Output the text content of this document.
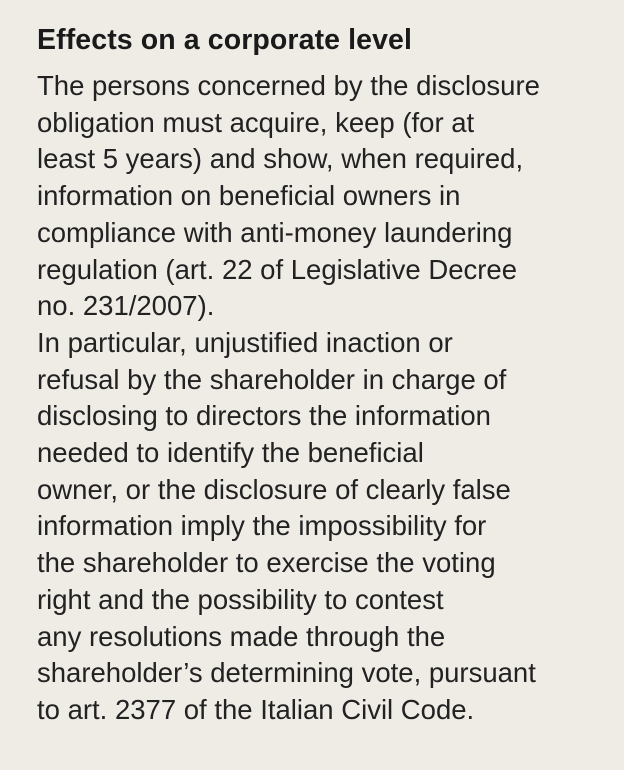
Effects on a corporate level
The persons concerned by the disclosure
obligation must acquire, keep (for at
least 5 years) and show, when required,
information on beneficial owners in
compliance with anti-money laundering
regulation (art. 22 of Legislative Decree
no. 231/2007).
In particular, unjustified inaction or
refusal by the shareholder in charge of
disclosing to directors the information
needed to identify the beneficial
owner, or the disclosure of clearly false
information imply the impossibility for
the shareholder to exercise the voting
right and the possibility to contest
any resolutions made through the
shareholder’s determining vote, pursuant
to art. 2377 of the Italian Civil Code.
